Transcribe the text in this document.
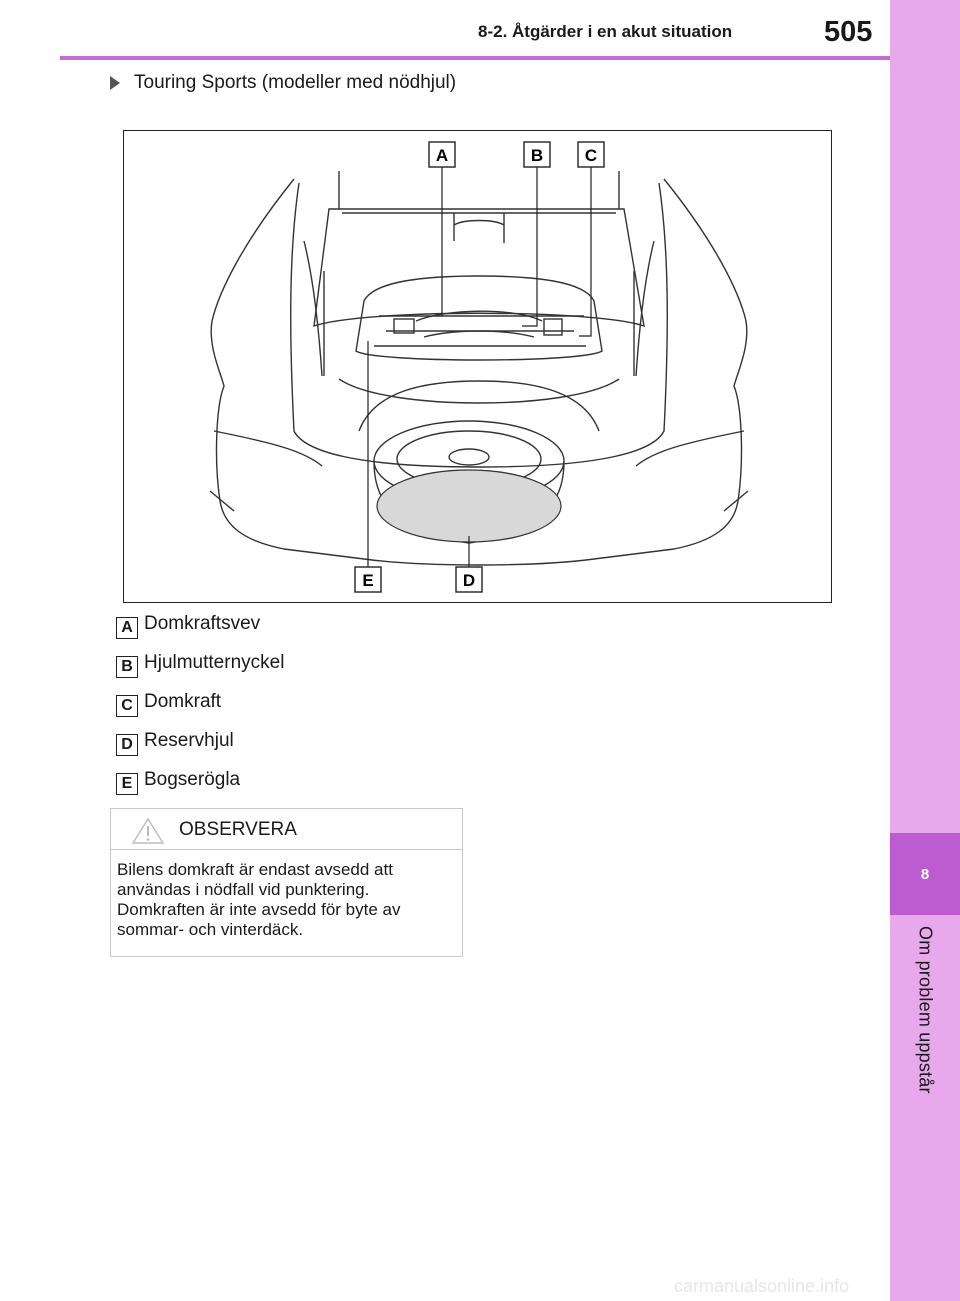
8
Om problem uppstår
8-2. Åtgärder i en akut situation	505
Touring Sports (modeller med nödhjul)
A	B C
D
E
A Domkraftsvev
B Hjulmutternyckel
C Domkraft
D Reservhjul
E Bogserögla
OBSERVERA
Bilens domkraft är endast avsedd att
användas i nödfall vid punktering.
Domkraften är inte avsedd för byte av
sommar- och vinterdäck.
carmanualsonline.info
